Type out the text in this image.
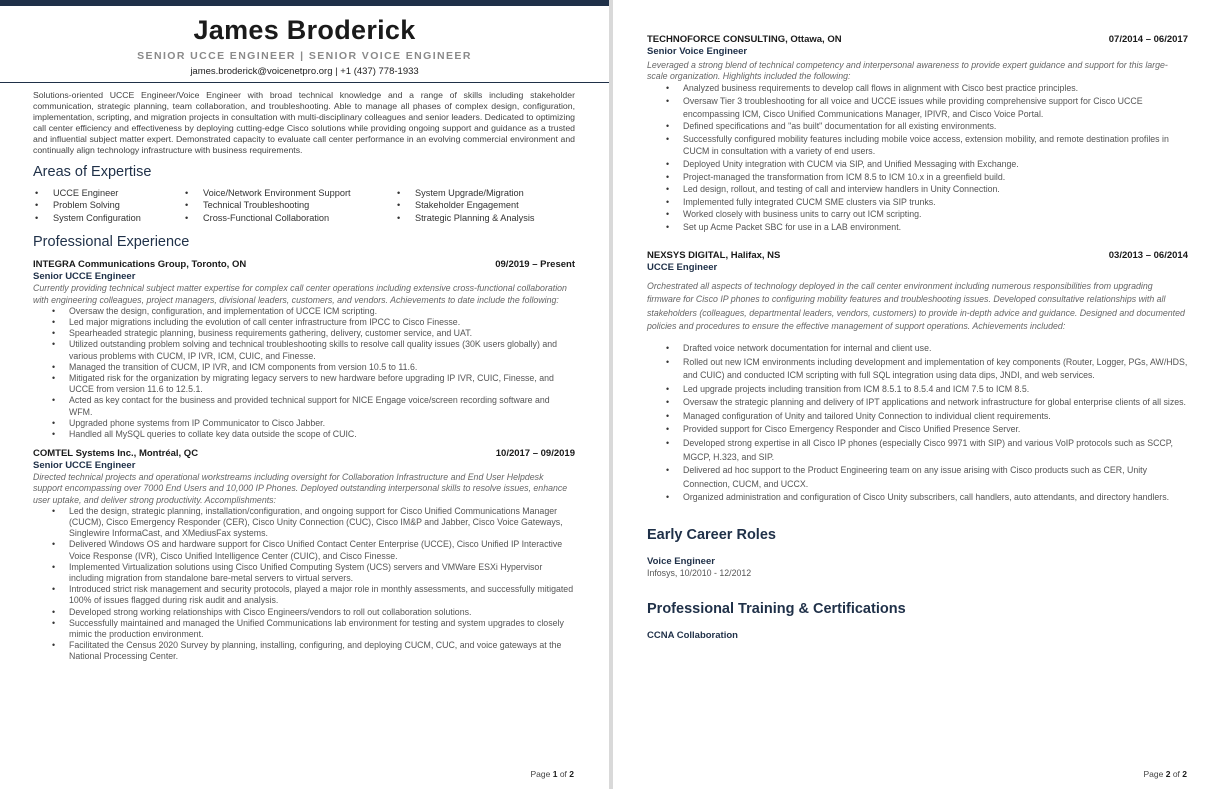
James Broderick
SENIOR UCCE ENGINEER | SENIOR VOICE ENGINEER
james.broderick@voicenetpro.org | +1 (437) 778-1933

Solutions-oriented UCCE Engineer/Voice Engineer with broad technical knowledge and a range of skills including stakeholder communication, strategic planning, team collaboration, and troubleshooting. Able to manage all phases of complex design, configuration, implementation, scripting, and migration projects in consultation with multi-disciplinary colleagues and senior leaders. Dedicated to optimizing call center efficiency and effectiveness by deploying cutting-edge Cisco solutions while providing ongoing support and guidance as a trusted and influential subject matter expert. Demonstrated capacity to evaluate call center performance in an evolving commercial environment and continually align technology infrastructure with business requirements.

Areas of Expertise
• UCCE Engineer
• Problem Solving
• System Configuration
• Voice/Network Environment Support
• Technical Troubleshooting
• Cross-Functional Collaboration
• System Upgrade/Migration
• Stakeholder Engagement
• Strategic Planning & Analysis
Professional Experience
INTEGRA Communications Group, Toronto, ON	09/2019 – Present
Senior UCCE Engineer

Currently providing technical subject matter expertise for complex call center operations including extensive cross-functional collaboration with engineering colleagues, project managers, divisional leaders, customers, and vendors. Achievements to date include the following:

• Oversaw the design, configuration, and implementation of UCCE ICM scripting.
• Led major migrations including the evolution of call center infrastructure from IPCC to Cisco Finesse.
• Spearheaded strategic planning, business requirements gathering, delivery, customer service, and UAT.
• Utilized outstanding problem solving and technical troubleshooting skills to resolve call quality issues (30K users globally) and various problems with CUCM, IP IVR, ICM, CUIC, and Finesse.
• Managed the transition of CUCM, IP IVR, and ICM components from version 10.5 to 11.6.
• Mitigated risk for the organization by migrating legacy servers to new hardware before upgrading IP IVR, CUIC, Finesse, and UCCE from version 11.6 to 12.5.1.
• Acted as key contact for the business and provided technical support for NICE Engage voice/screen recording software and WFM.
• Upgraded phone systems from IP Communicator to Cisco Jabber.
• Handled all MySQL queries to collate key data outside the scope of CUIC.
COMTEL Systems Inc., Montréal, QC	10/2017 – 09/2019
Senior UCCE Engineer

Directed technical projects and operational workstreams including oversight for Collaboration Infrastructure and End User Helpdesk support encompassing over 7000 End Users and 10,000 IP Phones. Deployed outstanding interpersonal skills to resolve issues, enhance user uptake, and deliver strong productivity. Accomplishments:

• Led the design, strategic planning, installation/configuration, and ongoing support for Cisco Unified Communications Manager (CUCM), Cisco Emergency Responder (CER), Cisco Unity Connection (CUC), Cisco IM&P and Jabber, Cisco Voice Gateways, Singlewire InformaCast, and XMediusFax systems.
• Delivered Windows OS and hardware support for Cisco Unified Contact Center Enterprise (UCCE), Cisco Unified IP Interactive Voice Response (IVR), Cisco Unified Intelligence Center (CUIC), and Cisco Finesse.
• Implemented Virtualization solutions using Cisco Unified Computing System (UCS) servers and VMWare ESXi Hypervisor including migration from standalone bare-metal servers to virtual servers.
• Introduced strict risk management and security protocols, played a major role in monthly assessments, and successfully mitigated 100% of issues flagged during risk audit and analysis.
• Developed strong working relationships with Cisco Engineers/vendors to roll out collaboration solutions.
• Successfully maintained and managed the Unified Communications lab environment for testing and system upgrades to closely mimic the production environment.
• Facilitated the Census 2020 Survey by planning, installing, configuring, and deploying CUCM, CUC, and voice gateways at the National Processing Center.
Page 1 of 2
TECHNOFORCE CONSULTING, Ottawa, ON	07/2014 – 06/2017
Senior Voice Engineer

Leveraged a strong blend of technical competency and interpersonal awareness to provide expert guidance and support for this large-scale organization. Highlights included the following:

• Analyzed business requirements to develop call flows in alignment with Cisco best practice principles.
• Oversaw Tier 3 troubleshooting for all voice and UCCE issues while providing comprehensive support for Cisco UCCE encompassing ICM, Cisco Unified Communications Manager, IPIVR, and Cisco Voice Portal.
• Defined specifications and "as built" documentation for all existing environments.
• Successfully configured mobility features including mobile voice access, extension mobility, and remote destination profiles in CUCM in consultation with a variety of end users.
• Deployed Unity integration with CUCM via SIP, and Unified Messaging with Exchange.
• Project-managed the transformation from ICM 8.5 to ICM 10.x in a greenfield build.
• Led design, rollout, and testing of call and interview handlers in Unity Connection.
• Implemented fully integrated CUCM SME clusters via SIP trunks.
• Worked closely with business units to carry out ICM scripting.
• Set up Acme Packet SBC for use in a LAB environment.
NEXSYS DIGITAL, Halifax, NS	03/2013 – 06/2014
UCCE Engineer

Orchestrated all aspects of technology deployed in the call center environment including numerous responsibilities from upgrading firmware for Cisco IP phones to configuring mobility features and troubleshooting issues. Developed consultative relationships with all stakeholders (colleagues, departmental leaders, vendors, customers) to provide in-depth advice and guidance. Designed and documented policies and procedures to ensure the effective management of support operations. Achievements included:

• Drafted voice network documentation for internal and client use.
• Rolled out new ICM environments including development and implementation of key components (Router, Logger, PGs, AW/HDS, and CUIC) and conducted ICM scripting with full SQL integration using data dips, JNDI, and web services.
• Led upgrade projects including transition from ICM 8.5.1 to 8.5.4 and ICM 7.5 to ICM 8.5.
• Oversaw the strategic planning and delivery of IPT applications and network infrastructure for global enterprise clients of all sizes.
• Managed configuration of Unity and tailored Unity Connection to individual client requirements.
• Provided support for Cisco Emergency Responder and Cisco Unified Presence Server.
• Developed strong expertise in all Cisco IP phones (especially Cisco 9971 with SIP) and various VoIP protocols such as SCCP, MGCP, H.323, and SIP.
• Delivered ad hoc support to the Product Engineering team on any issue arising with Cisco products such as CER, Unity Connection, CUCM, and UCCX.
• Organized administration and configuration of Cisco Unity subscribers, call handlers, auto attendants, and directory handlers.
Early Career Roles
Voice Engineer
Infosys, 10/2010 - 12/2012
Professional Training & Certifications
CCNA Collaboration
Page 2 of 2
